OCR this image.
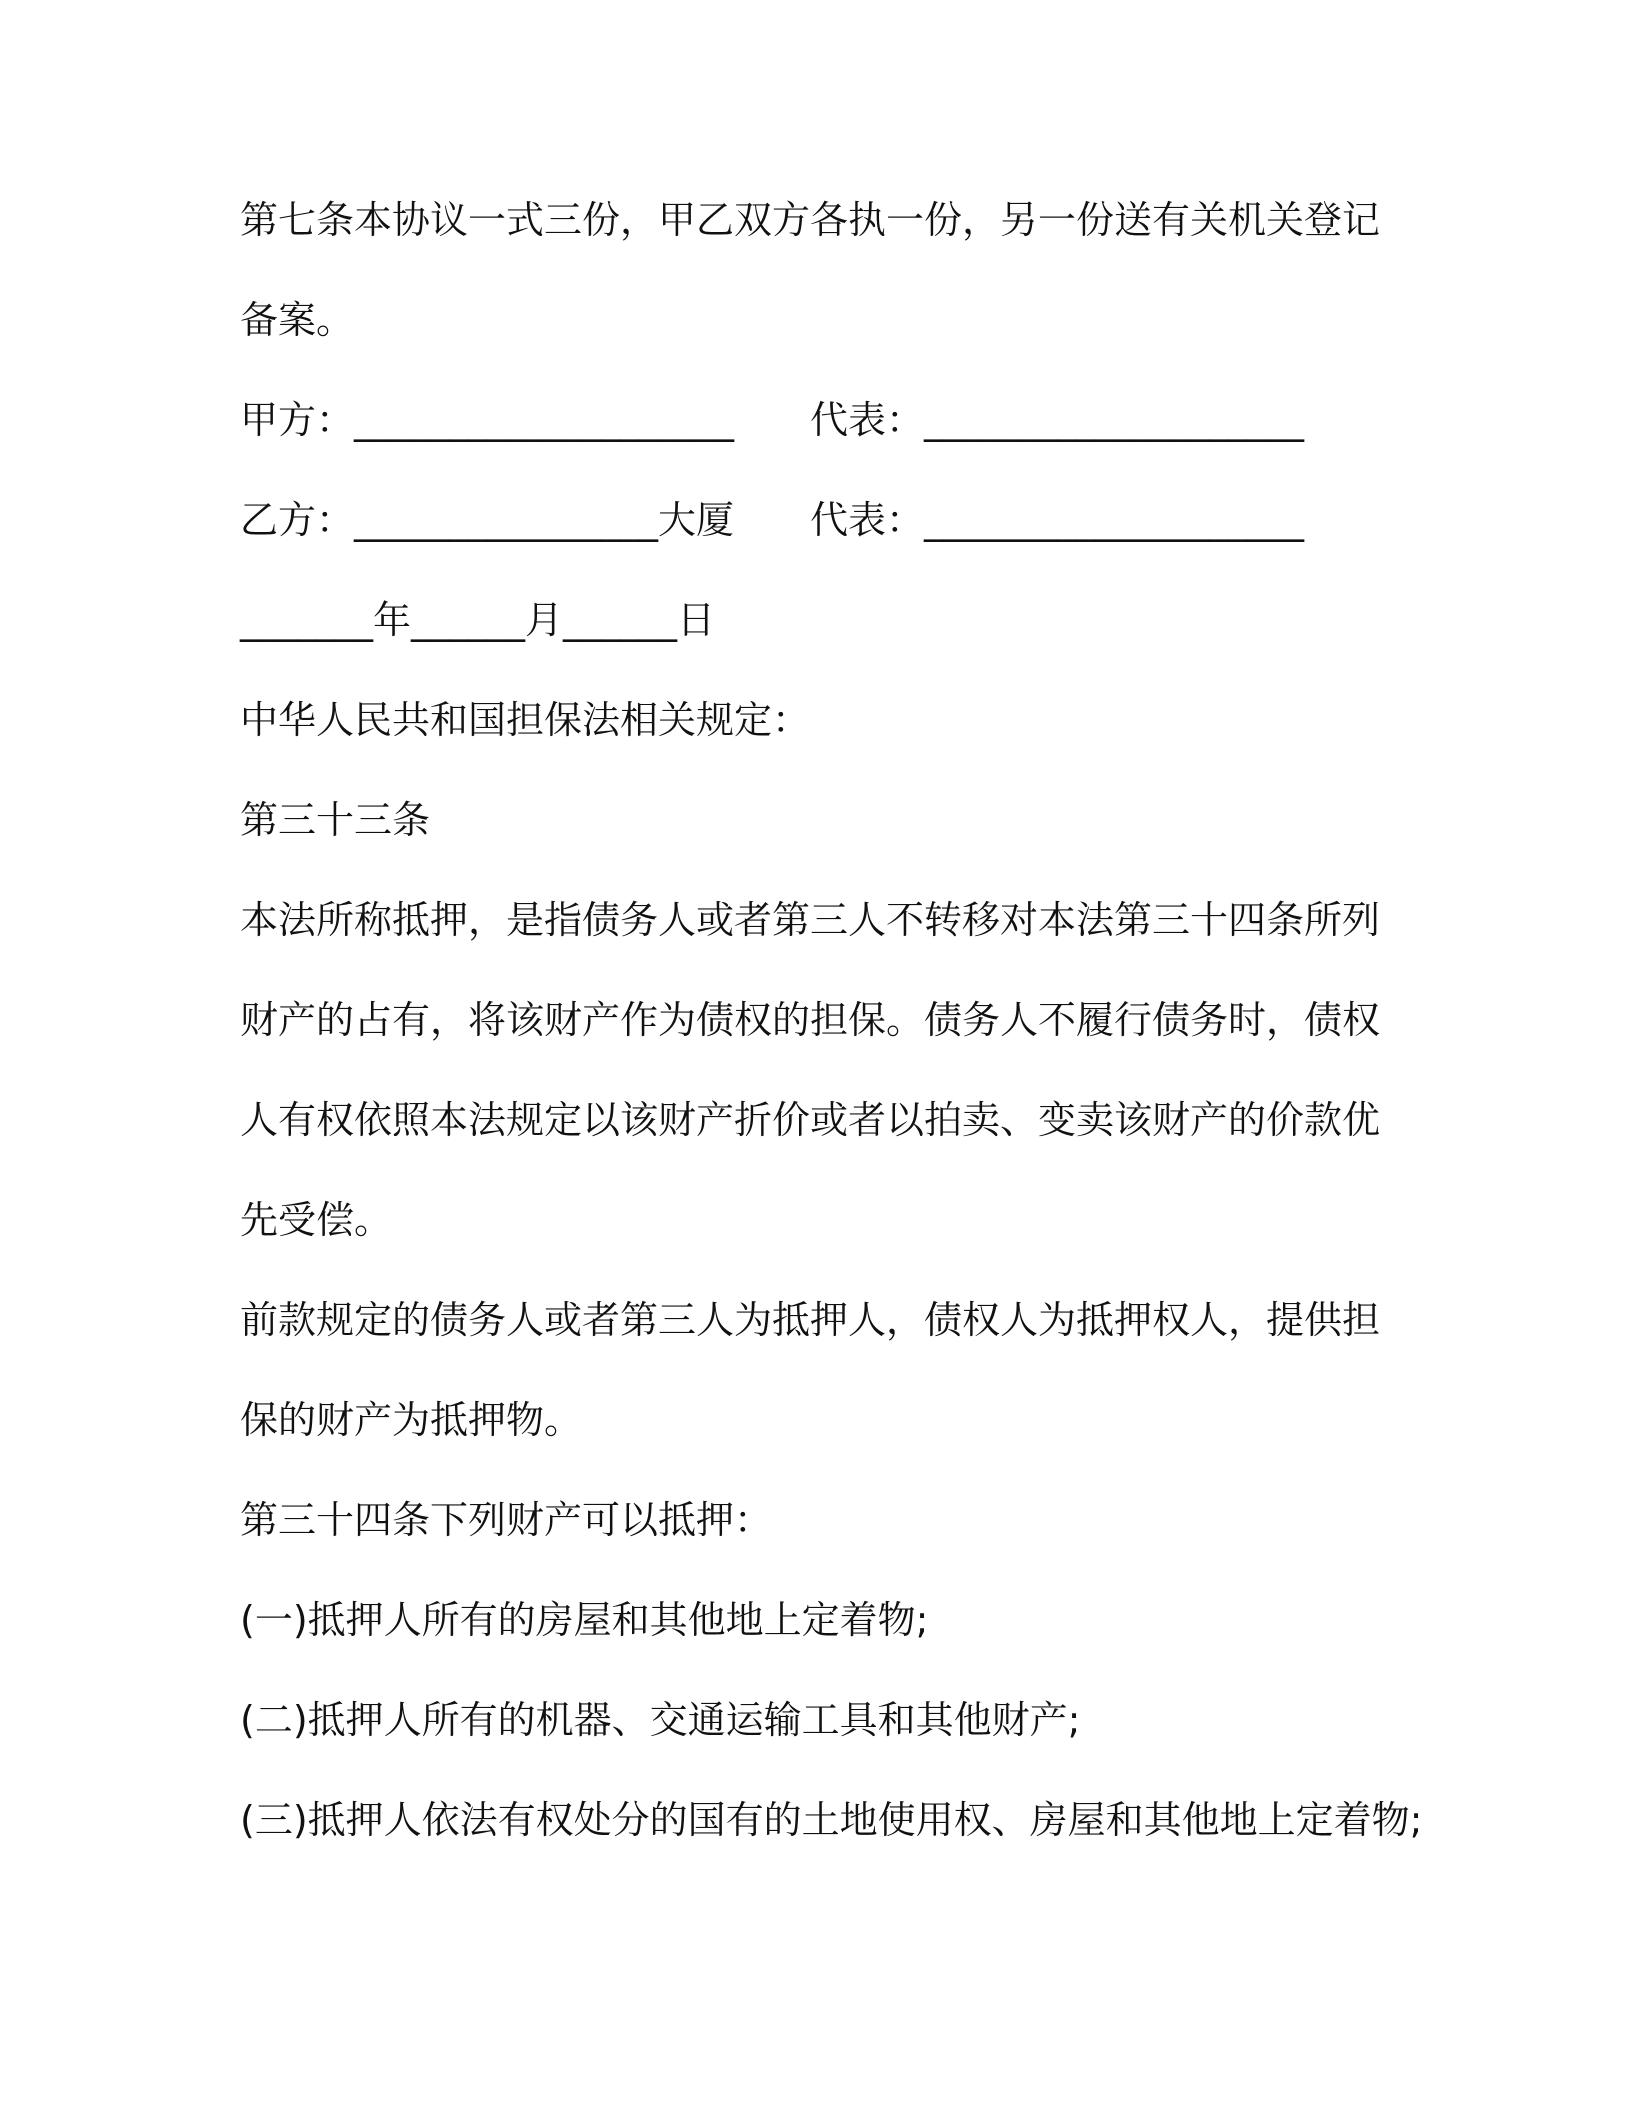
第七条本协议一式三份，甲乙双方各执一份，另一份送有关机关登记
备案。
甲方：____________________ 代表：____________________
乙方：________________大厦 代表：____________________
_______年______月______日
中华人民共和国担保法相关规定：
第三十三条
本法所称抵押，是指债务人或者第三人不转移对本法第三十四条所列
财产的占有，将该财产作为债权的担保。债务人不履行债务时，债权
人有权依照本法规定以该财产折价或者以拍卖、变卖该财产的价款优
先受偿。
前款规定的债务人或者第三人为抵押人，债权人为抵押权人，提供担
保的财产为抵押物。
第三十四条下列财产可以抵押：
(一)抵押人所有的房屋和其他地上定着物;
(二)抵押人所有的机器、交通运输工具和其他财产;
(三)抵押人依法有权处分的国有的土地使用权、房屋和其他地上定着物;
